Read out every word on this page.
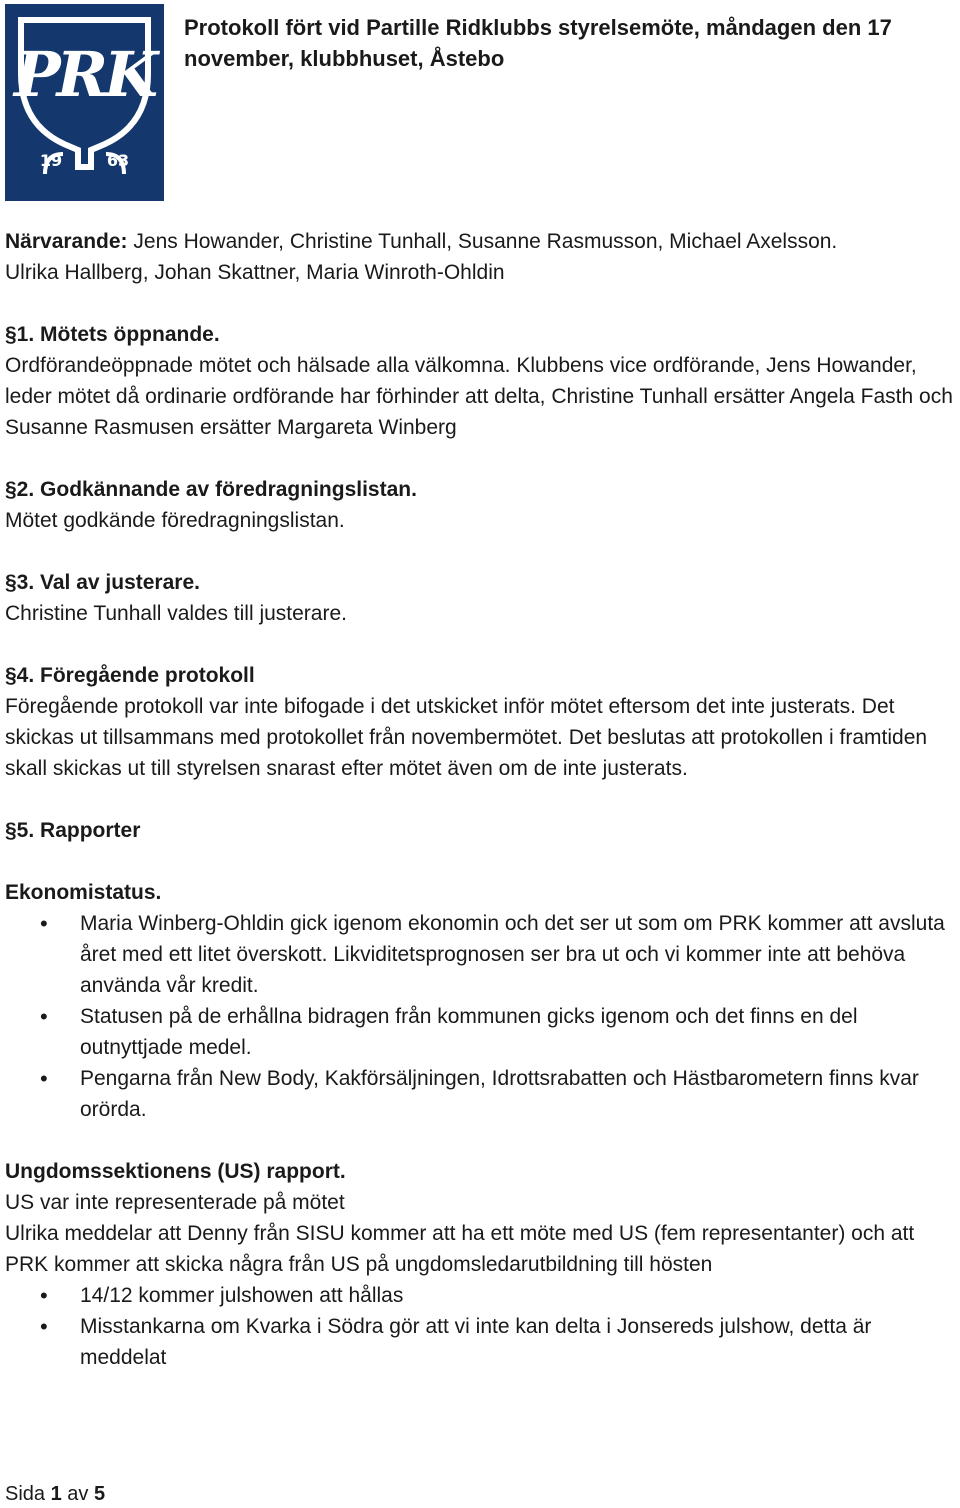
PRK
19	63
Protokoll fört vid Partille Ridklubbs styrelsemöte, måndagen den 17 november, klubbhuset, Åstebo

Närvarande: Jens Howander, Christine Tunhall, Susanne Rasmusson, Michael Axelsson.

Ulrika Hallberg, Johan Skattner, Maria Winroth-Ohldin

§1. Mötets öppnande.

Ordförandeöppnade mötet och hälsade alla välkomna. Klubbens vice ordförande, Jens Howander, leder mötet då ordinarie ordförande har förhinder att delta, Christine Tunhall ersätter Angela Fasth och Susanne Rasmusen ersätter Margareta Winberg

§2. Godkännande av föredragningslistan.

Mötet godkände föredragningslistan.

§3. Val av justerare.

Christine Tunhall valdes till justerare.

§4. Föregående protokoll

Föregående protokoll var inte bifogade i det utskicket inför mötet eftersom det inte justerats. Det skickas ut tillsammans med protokollet från novembermötet. Det beslutas att protokollen i framtiden skall skickas ut till styrelsen snarast efter mötet även om de inte justerats.

§5. Rapporter

Ekonomistatus.

• Maria Winberg-Ohldin gick igenom ekonomin och det ser ut som om PRK kommer att avsluta året med ett litet överskott. Likviditetsprognosen ser bra ut och vi kommer inte att behöva använda vår kredit.
• Statusen på de erhållna bidragen från kommunen gicks igenom och det finns en del outnyttjade medel.
• Pengarna från New Body, Kakförsäljningen, Idrottsrabatten och Hästbarometern finns kvar orörda.

Ungdomssektionens (US) rapport.

US var inte representerade på mötet

Ulrika meddelar att Denny från SISU kommer att ha ett möte med US (fem representanter) och att PRK kommer att skicka några från US på ungdomsledarutbildning till hösten

• 14/12 kommer julshowen att hållas
• Misstankarna om Kvarka i Södra gör att vi inte kan delta i Jonsereds julshow, detta är meddelat
Sida 1 av 5
